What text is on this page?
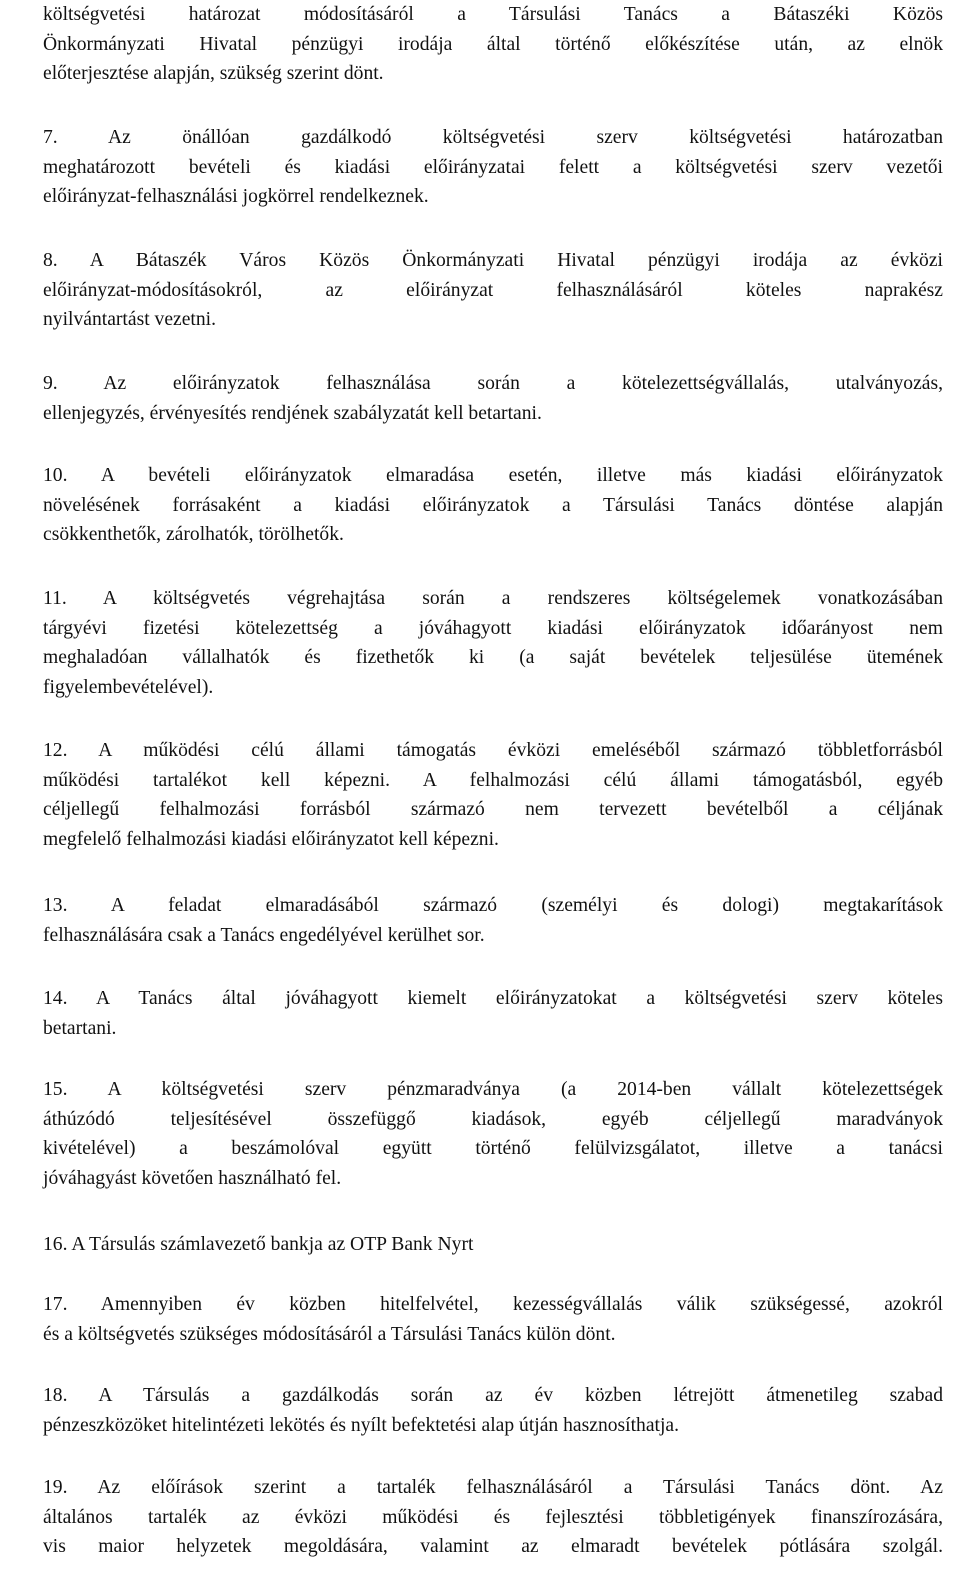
költségvetési határozat módosításáról a Társulási Tanács a Bátaszéki Közös
Önkormányzati Hivatal pénzügyi irodája által történő előkészítése után, az elnök
előterjesztése alapján, szükség szerint dönt.
7.	Az önállóan gazdálkodó költségvetési szerv költségvetési határozatban
meghatározott bevételi és kiadási előirányzatai felett a költségvetési szerv vezetői
előirányzat-felhasználási jogkörrel rendelkeznek.
8. A Bátaszék Város Közös Önkormányzati Hivatal pénzügyi irodája az évközi
előirányzat-módosításokról, az előirányzat felhasználásáról köteles naprakész
nyilvántartást vezetni.
9. Az előirányzatok felhasználása során a kötelezettségvállalás, utalványozás,
ellenjegyzés, érvényesítés rendjének szabályzatát kell betartani.
10. A bevételi előirányzatok elmaradása esetén, illetve más kiadási előirányzatok
növelésének forrásaként a kiadási előirányzatok a Társulási Tanács döntése alapján
csökkenthetők, zárolhatók, törölhetők.
11. A költségvetés végrehajtása során a rendszeres költségelemek vonatkozásában
tárgyévi fizetési kötelezettség a jóváhagyott kiadási előirányzatok időarányost nem
meghaladóan vállalhatók és fizethetők ki (a saját bevételek teljesülése ütemének
figyelembevételével).
12. A működési célú állami támogatás évközi emeléséből származó többletforrásból
működési tartalékot kell képezni. A felhalmozási célú állami támogatásból, egyéb
céljellegű felhalmozási forrásból származó nem tervezett bevételből a céljának
megfelelő felhalmozási kiadási előirányzatot kell képezni.
13. A feladat elmaradásából származó (személyi és dologi) megtakarítások
felhasználására csak a Tanács engedélyével kerülhet sor.
14. A Tanács által jóváhagyott kiemelt előirányzatokat a költségvetési szerv köteles
betartani.
15. A költségvetési szerv pénzmaradványa (a 2014-ben vállalt kötelezettségek
áthúzódó teljesítésével összefüggő kiadások, egyéb céljellegű maradványok
kivételével) a beszámolóval együtt történő felülvizsgálatot, illetve a tanácsi
jóváhagyást követően használható fel.
16. A Társulás számlavezető bankja az OTP Bank Nyrt
17. Amennyiben év közben hitelfelvétel, kezességvállalás válik szükségessé, azokról
és a költségvetés szükséges módosításáról a Társulási Tanács külön dönt.
18. A Társulás a gazdálkodás során az év közben létrejött átmenetileg szabad
pénzeszközöket hitelintézeti lekötés és nyílt befektetési alap útján hasznosíthatja.
19. Az előírások szerint a tartalék felhasználásáról a Társulási Tanács dönt. Az
általános tartalék az évközi működési és fejlesztési többletigények finanszírozására,
vis maior helyzetek megoldására, valamint az elmaradt bevételek pótlására szolgál.
